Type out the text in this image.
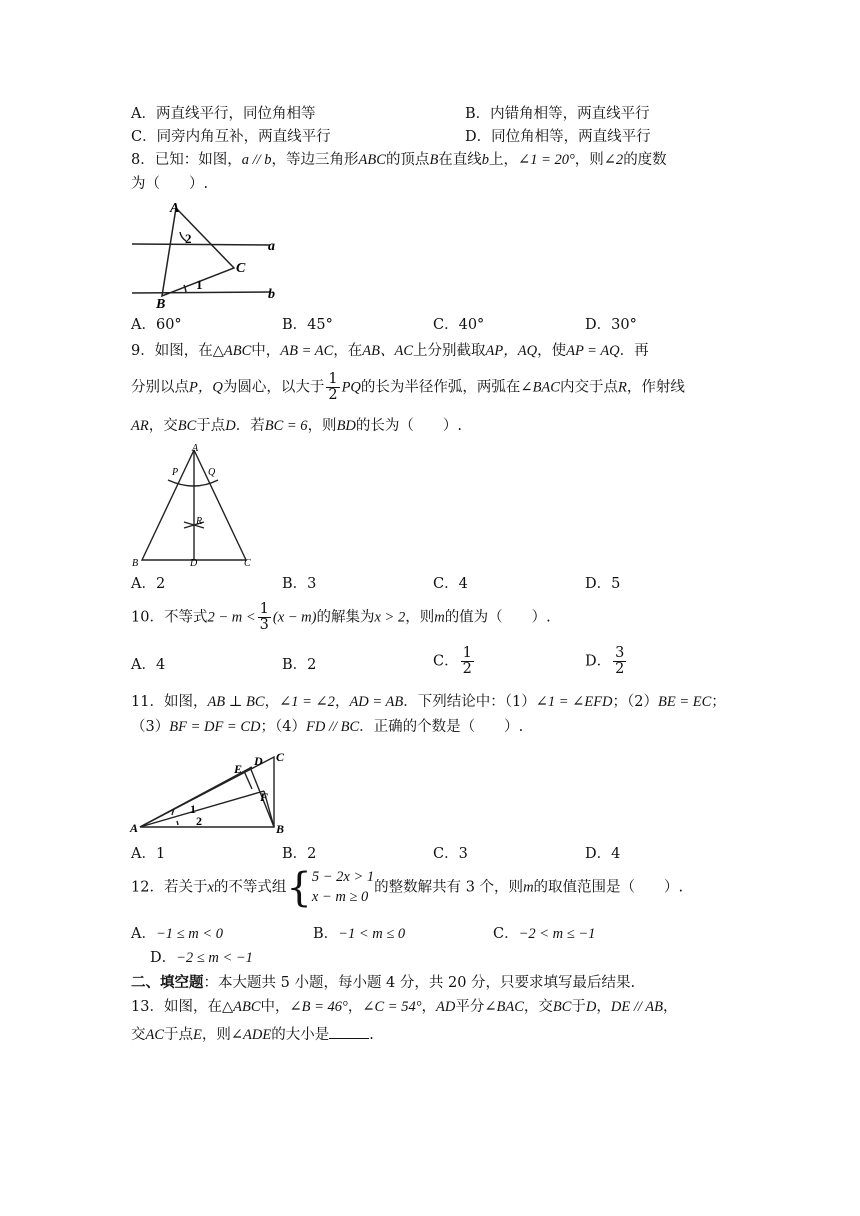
A．两直线平行，同位角相等	B．内错角相等，两直线平行
C．同旁内角互补，两直线平行	D．同位角相等，两直线平行
8．已知：如图，a // b，等边三角形ABC的顶点B在直线b上，∠1 = 20°，则∠2的度数
为（　　）.
A
2
a
C
B
1
b
A．60°	B．45°	C．40°	D．30°
9．如图，在△ABC中，AB = AC，在AB、AC上分别截取AP，AQ，使AP = AQ．再
分别以点P，Q为圆心，以大于 $\frac{1}{2}$ PQ的长为半径作弧，两弧在∠BAC内交于点R，作射线
AR，交BC于点D．若BC = 6，则BD的长为（　　）.
A
P	Q
R
B	D	C
A．2	B．3	C．4	D．5
10．不等式$2 - m < \frac{1}{3} (x - m)$的解集为x > 2，则m的值为（　　）.
A．4	B．2	C． $\frac{1}{2}$	D． $\frac{3}{2}$
11．如图，AB ⊥ BC，∠1 = ∠2，AD = AB．下列结论中：（1）∠1 = ∠EFD；（2）BE = EC；
（3）BF = DF = CD；（4）FD // BC．正确的个数是（　　）.
E
D C
F
1
2
A	B
A．1	B．2	C．3	D．4
12．若关于x的不等式组{ 5 − 2x > 1
x − m ≥ 0
的整数解共有 3 个，则m的取值范围是（　　）.
A．−1 ≤ m < 0	B．−1 < m ≤ 0	C．−2 < m ≤ −1
D．−2 ≤ m < −1
二、填空题：本大题共 5 小题，每小题 4 分，共 20 分，只要求填写最后结果.
13．如图，在△ABC中，∠B = 46°，∠C = 54°，AD平分∠BAC，交BC于D，DE // AB，
交AC于点E，则∠ADE的大小是	.
